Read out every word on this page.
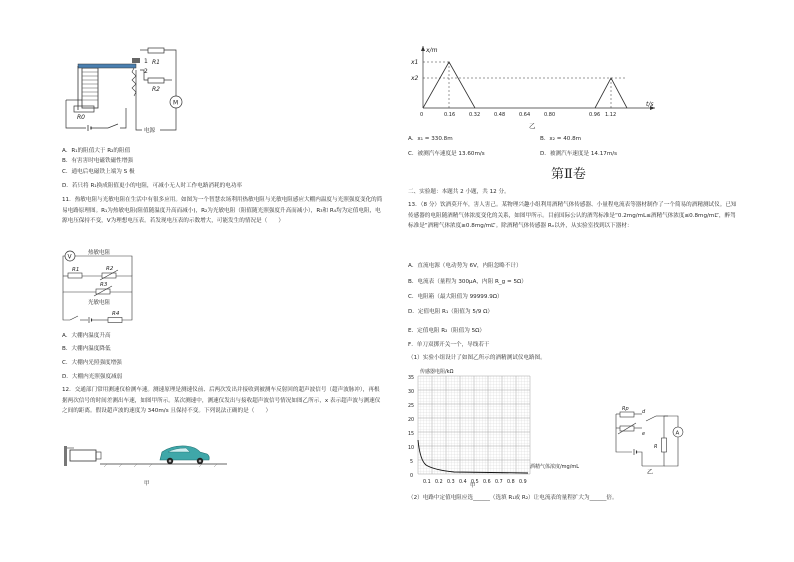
1
2
R1
R2
M
电源
R0
A．R₁的阻值大于 R₂的阻值
B．有害害时电磁铁磁性增强
C．通电后电磁铁上端为 S 极
D．若只将 R₁换成阻值更小的电阻，可减小无人时工作电路消耗的电功率
11．热敏电阻与光敏电阻在生活中有很多应用。如图为一个智慧农场利用热敏电阻与光敏电阻感应大棚内温度与光照强度变化的简易电路原理图。R₁为热敏电阻(阻值随温度升高而减小)，R₂为光敏电阻（阻值随光照强度升高而减小），R₃和 R₄均为定值电阻，电源电压保持不变，V为理想电压表。若发现电压表的示数增大，可能发生的情况是（　　）
V
热敏电阻
R1	R2
R3
光敏电阻
R4
A．大棚内温度升高
B．大棚内温度降低
C．大棚内光照强度增强
D．大棚内光照强度减弱
12．交通部门常用测速仪检测车速。测速原理是测速仪前、后两次发出并接收到被测车反射回的超声波信号（超声波脉冲），再根据两次信号的时间差测出车速，如图甲所示。某次测速中，测速仪发出与接收超声波信号情况如图乙所示，x 表示超声波与测速仪之间的距离。假设超声波的速度为 340m/s 且保持不变。下列说法正确的是（　　）
甲
x/m
t/s
x1
x2
0	0.16	0.32	0.48	0.64	0.80	0.96 1.12
乙
A．x₁ = 330.8m	B．x₂ = 40.8m
C．被测汽车速度是 13.60m/s	D．被测汽车速度是 14.17m/s
第Ⅱ卷
二、实验题：本题共 2 小题，共 12 分。
13．（8 分）饮酒莫开车，害人害己。某物理兴趣小组利用酒精气体传感器、小量程电流表等器材制作了一个简易的酒精测试仪。已知传感器的电阻随酒精气体浓度变化的关系，如图甲所示。目前国际公认的酒驾标准是“0.2mg/mL≤酒精气体浓度≤0.8mg/mL”，醉驾标准是“酒精气体浓度≥0.8mg/mL”。除酒精气体传感器 Rₓ以外，从实验室找到以下器材：
A．直流电源（电动势为 6V，内阻忽略不计）
B．电流表（量程为 300μA，内阻 R_g = 5Ω）
C．电阻箱（最大阻值为 99999.9Ω）
D．定值电阻 R₁（阻值为 5/9 Ω）
E．定值电阻 R₂（阻值为 5Ω）
F．单刀双掷开关一个，导线若干
（1）实验小组设计了如图乙所示的酒精测试仪电路图。
传感器电阻/kΩ
35
30
25
20
15
10
5
0
0.1 0.2 0.3 0.4 0.5 0.6 0.7 0.8 0.9
酒精气体浓度/mg/mL
甲
Rp	d
e	A
R
乙
（2）电路中定值电阻应选______（选填 R₁或 R₂）让电流表的量程扩大为______倍。
